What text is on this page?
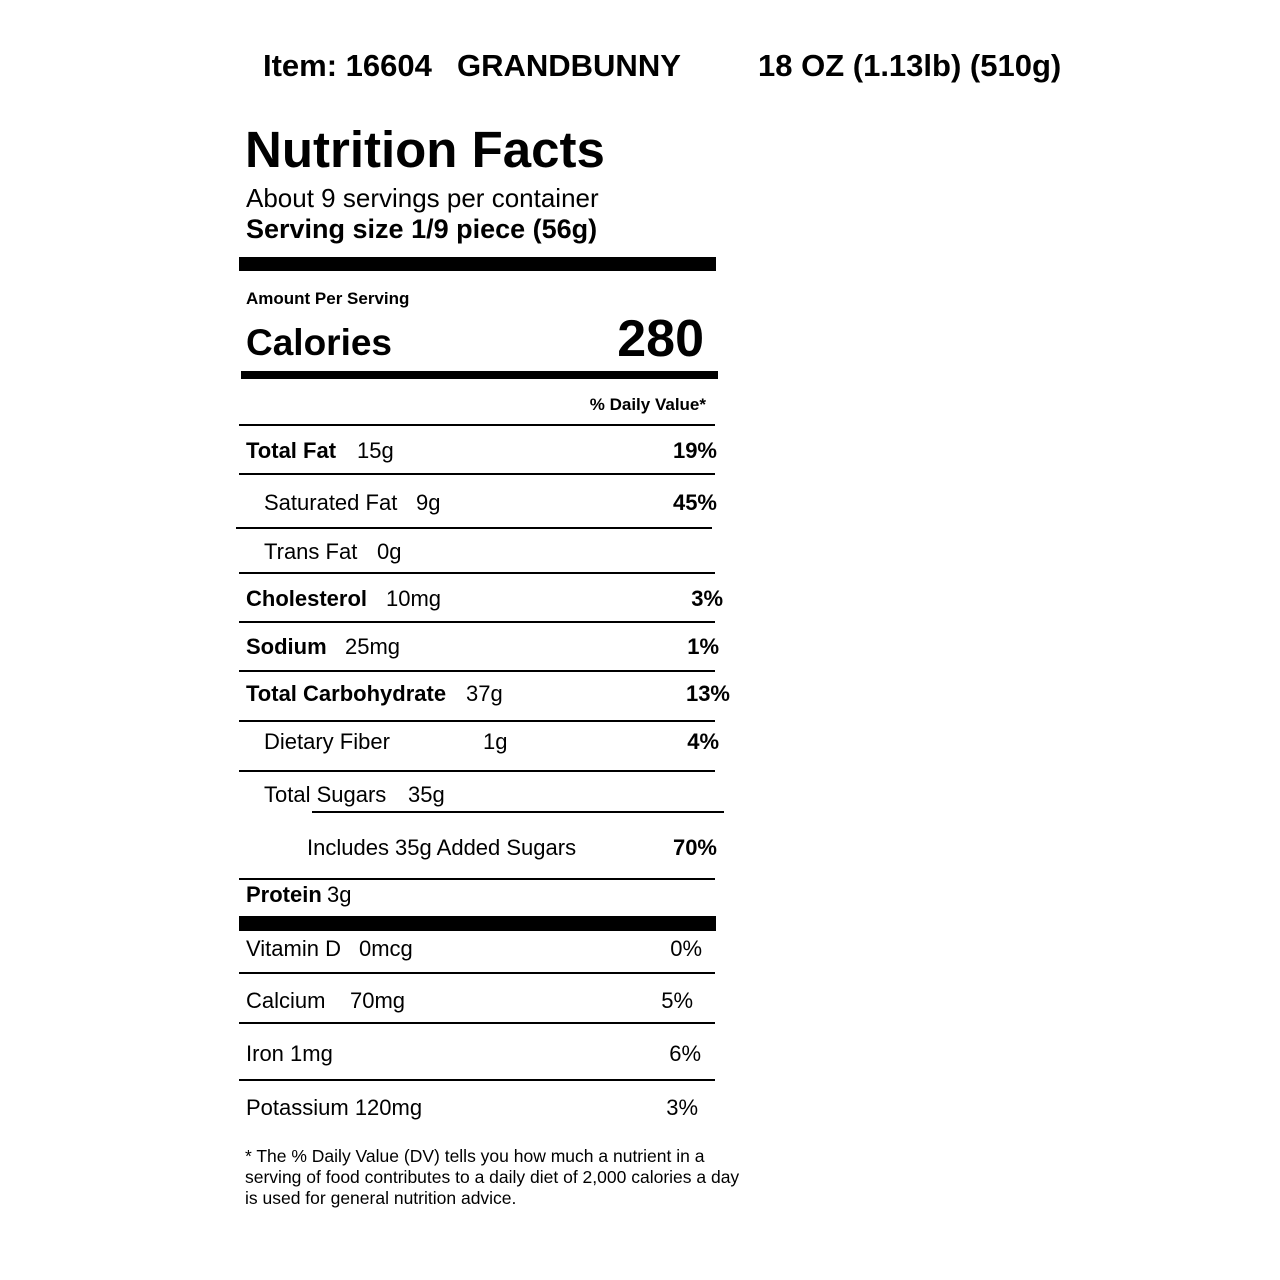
Item: 16604 GRANDBUNNY 18 OZ (1.13lb) (510g)
Nutrition Facts
About 9 servings per container
Serving size 1/9 piece (56g)
Amount Per Serving
Calories	280
% Daily Value*
Total Fat 15g	19%
Saturated Fat 9g	45%
Trans Fat 0g
Cholesterol 10mg	3%
Sodium 25mg	1%
Total Carbohydrate 37g	13%
Dietary Fiber	1g	4%
Total Sugars 35g
Includes 35g Added Sugars	70%
Protein 3g
Vitamin D 0mcg	0%
Calcium 70mg	5%
Iron 1mg	6%
Potassium 120mg	3%
* The % Daily Value (DV) tells you how much a nutrient in a serving of food contributes to a daily diet of 2,000 calories a day is used for general nutrition advice.
